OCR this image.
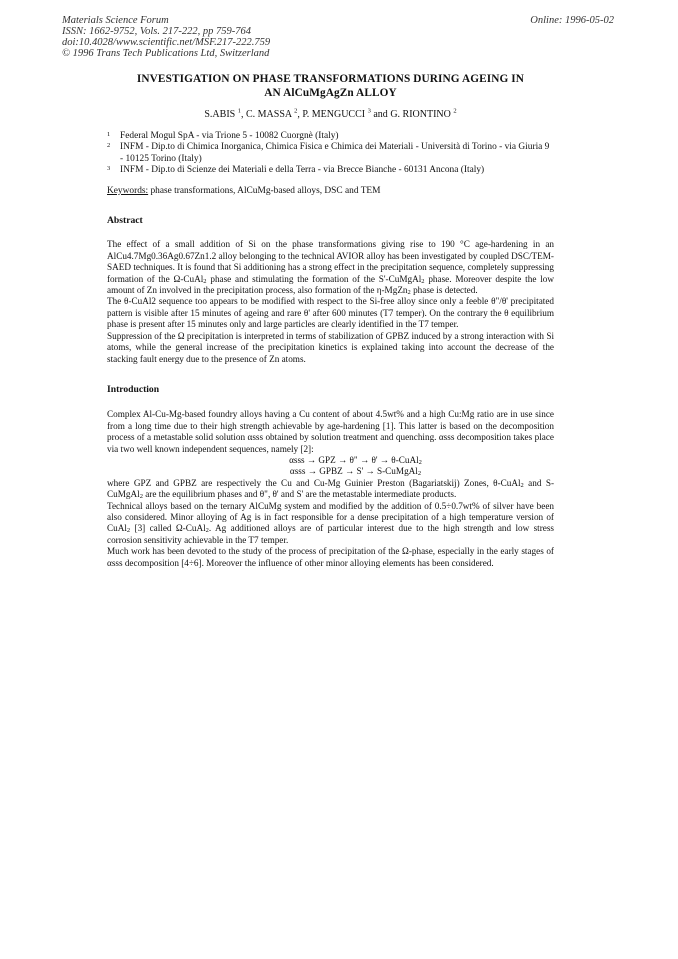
Materials Science Forum
ISSN: 1662-9752, Vols. 217-222, pp 759-764
doi:10.4028/www.scientific.net/MSF.217-222.759
© 1996 Trans Tech Publications Ltd, Switzerland
Online: 1996-05-02

INVESTIGATION ON PHASE TRANSFORMATIONS DURING AGEING IN
AN AlCuMgAgZn ALLOY

S.ABIS $^1$, C. MASSA $^2$, P. MENGUCCI $^3$ and G. RIONTINO $^2$
1 Federal Mogul SpA - via Trione 5 - 10082 Cuorgnè (Italy)
2 INFM - Dip.to di Chimica Inorganica, Chimica Fisica e Chimica dei Materiali - Università di Torino - via Giuria 9 - 10125 Torino (Italy)
3 INFM - Dip.to di Scienze dei Materiali e della Terra - via Brecce Bianche - 60131 Ancona (Italy)
Keywords: phase transformations, AlCuMg-based alloys, DSC and TEM
Abstract

The effect of a small addition of Si on the phase transformations giving rise to 190 °C age-hardening in an AlCu4.7Mg0.36Ag0.67Zn1.2 alloy belonging to the technical AVIOR alloy has been investigated by coupled DSC/TEM-SAED techniques. It is found that Si additioning has a strong effect in the precipitation sequence, completely suppressing formation of the Ω-CuAl$_2$ phase and stimulating the formation of the S'-CuMgAl$_2$ phase. Moreover despite the low amount of Zn involved in the precipitation process, also formation of the η-MgZn$_2$ phase is detected.

The θ-CuAl2 sequence too appears to be modified with respect to the Si-free alloy since only a feeble θ"/θ' precipitated pattern is visible after 15 minutes of ageing and rare θ' after 600 minutes (T7 temper). On the contrary the θ equilibrium phase is present after 15 minutes only and large particles are clearly identified in the T7 temper.

Suppression of the Ω precipitation is interpreted in terms of stabilization of GPBZ induced by a strong interaction with Si atoms, while the general increase of the precipitation kinetics is explained taking into account the decrease of the stacking fault energy due to the presence of Zn atoms.

Introduction

Complex Al-Cu-Mg-based foundry alloys having a Cu content of about 4.5wt% and a high Cu:Mg ratio are in use since from a long time due to their high strength achievable by age-hardening [1]. This latter is based on the decomposition process of a metastable solid solution αsss obtained by solution treatment and quenching. αsss decomposition takes place via two well known independent sequences, namely [2]:

αsss → GPZ → θ" → θ' → θ-CuAl$_2$

αsss → GPBZ → S' → S-CuMgAl$_2$

where GPZ and GPBZ are respectively the Cu and Cu-Mg Guinier Preston (Bagariatskij) Zones, θ-CuAl$_2$ and S-CuMgAl$_2$ are the equilibrium phases and θ", θ' and S' are the metastable intermediate products.

Technical alloys based on the ternary AlCuMg system and modified by the addition of 0.5÷0.7wt% of silver have been also considered. Minor alloying of Ag is in fact responsible for a dense precipitation of a high temperature version of CuAl$_2$ [3] called Ω-CuAl$_2$. Ag additioned alloys are of particular interest due to the high strength and low stress corrosion sensitivity achievable in the T7 temper.

Much work has been devoted to the study of the process of precipitation of the Ω-phase, especially in the early stages of αsss decomposition [4÷6]. Moreover the influence of other minor alloying elements has been considered.
